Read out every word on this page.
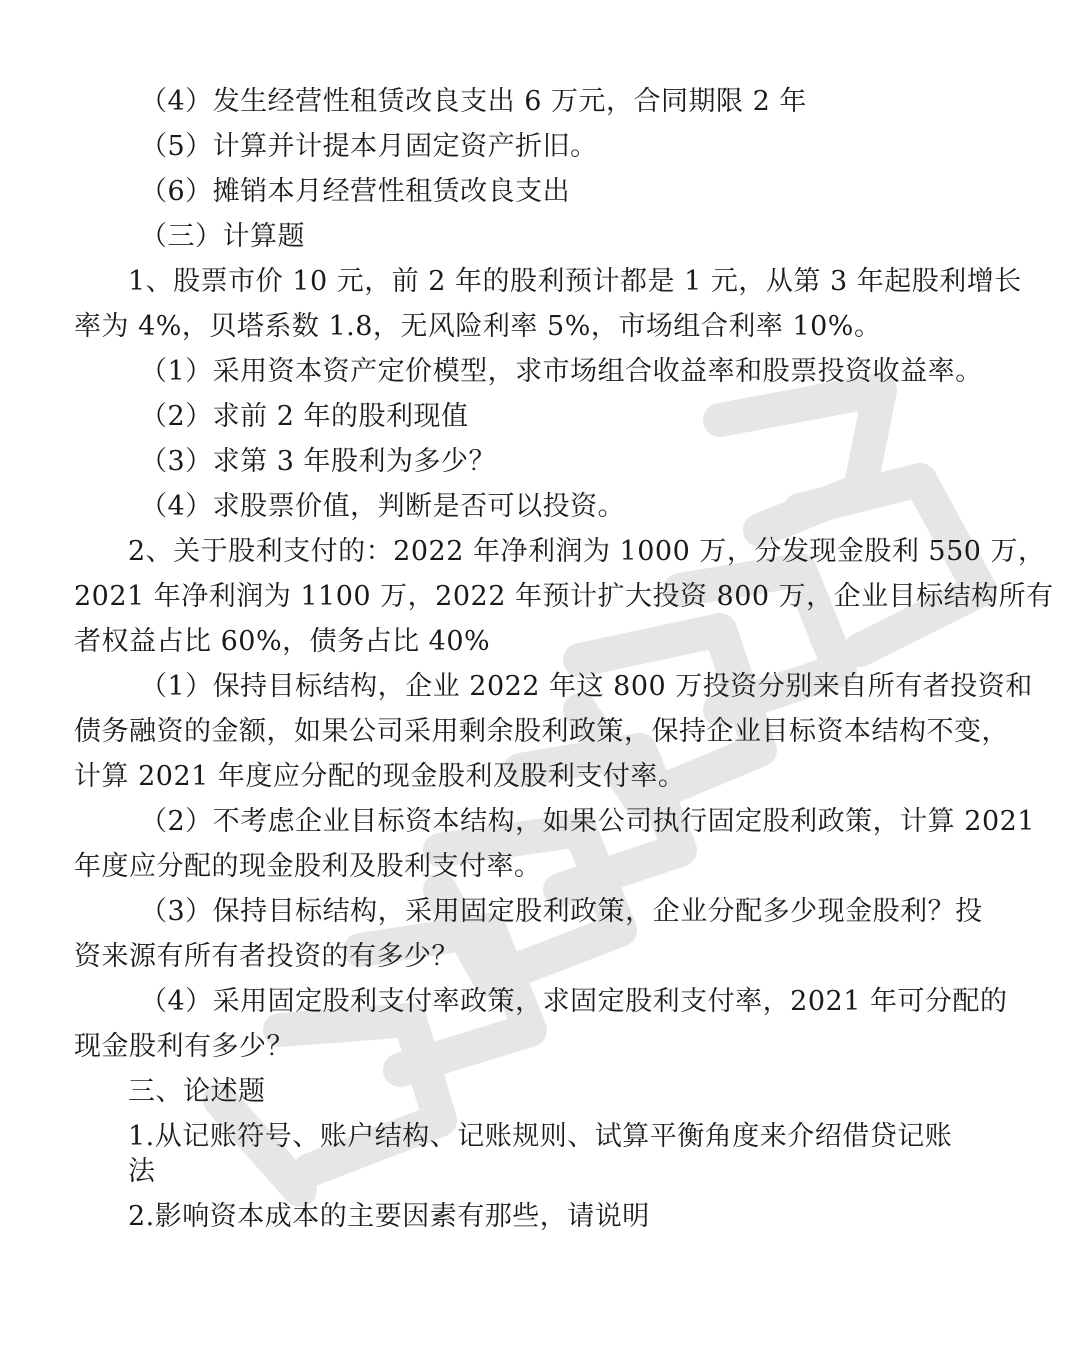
（4）发生经营性租赁改良支出 6 万元，合同期限 2 年
（5）计算并计提本月固定资产折旧。
（6）摊销本月经营性租赁改良支出
（三）计算题
1、股票市价 10 元，前 2 年的股利预计都是 1 元，从第 3 年起股利增长
率为 4%，贝塔系数 1.8，无风险利率 5%，市场组合利率 10%。
（1）采用资本资产定价模型，求市场组合收益率和股票投资收益率。
（2）求前 2 年的股利现值
（3）求第 3 年股利为多少？
（4）求股票价值，判断是否可以投资。
2、关于股利支付的：2022 年净利润为 1000 万，分发现金股利 550 万，
2021 年净利润为 1100 万，2022 年预计扩大投资 800 万，企业目标结构所有
者权益占比 60%，债务占比 40%
（1）保持目标结构，企业 2022 年这 800 万投资分别来自所有者投资和
债务融资的金额，如果公司采用剩余股利政策，保持企业目标资本结构不变，
计算 2021 年度应分配的现金股利及股利支付率。
（2）不考虑企业目标资本结构，如果公司执行固定股利政策，计算 2021
年度应分配的现金股利及股利支付率。
（3）保持目标结构，采用固定股利政策，企业分配多少现金股利？投
资来源有所有者投资的有多少？
（4）采用固定股利支付率政策，求固定股利支付率，2021 年可分配的
现金股利有多少？
三、论述题
1.从记账符号、账户结构、记账规则、试算平衡角度来介绍借贷记账
法
2.影响资本成本的主要因素有那些，请说明
